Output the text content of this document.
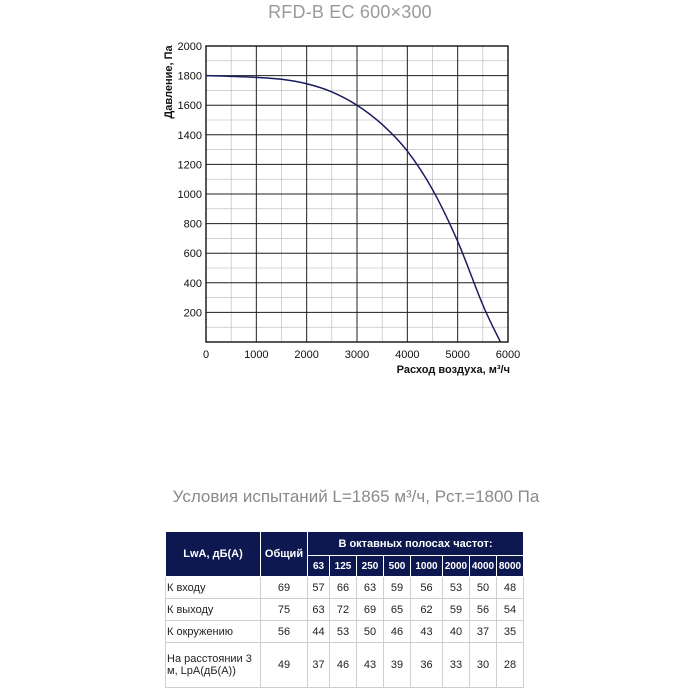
RFD-B EC 600×300
0	1000 2000 3000 4000 5000 6000
200
400
600
800
1000
1200
1400
1600
1800
2000
Расход воздуха, м³/ч
Давление, Па
Условия испытаний L=1865 м³/ч, Рст.=1800 Па
LwA, дБ(А)	Общий	В октавных полосах частот:							
		63	125	250	500	1000	2000	4000	8000
К входу	69	57	66	63	59	56	53	50	48
К выходу	75	63	72	69	65	62	59	56	54
К окружению	56	44	53	50	46	43	40	37	35
На расстоянии 3 м, LpA(дБ(А))	49	37	46	43	39	36	33	30	28
